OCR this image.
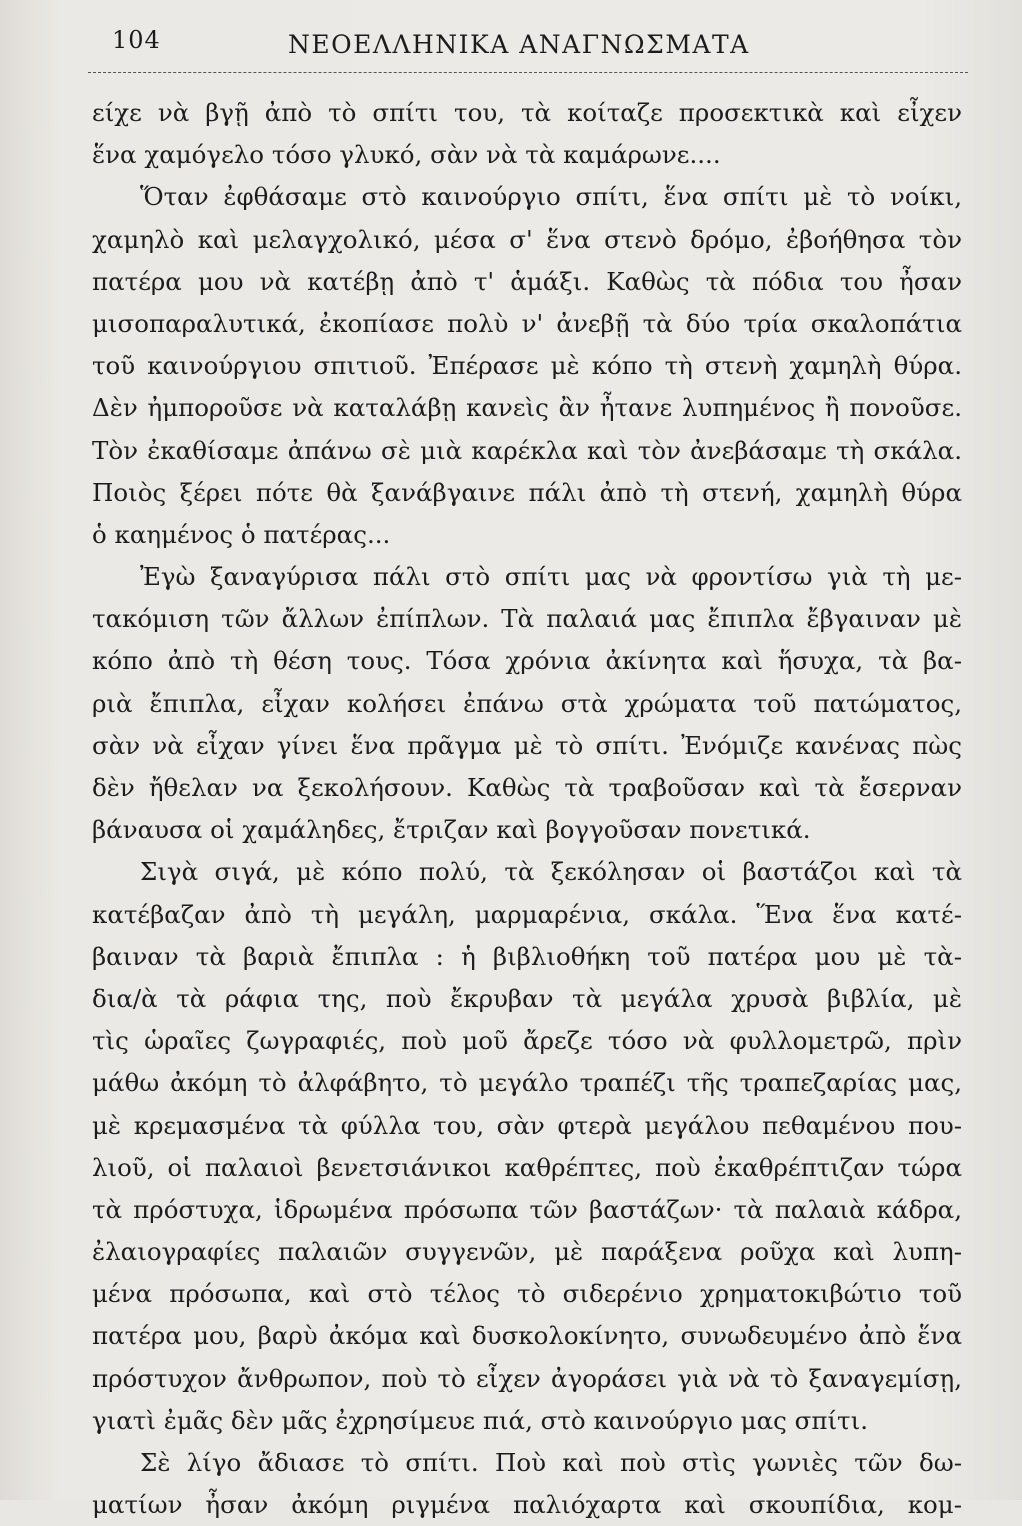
104	ΝΕΟΕΛΛΗΝΙΚΑ ΑΝΑΓΝΩΣΜΑΤΑ
είχε νὰ βγῇ ἀπὸ τὸ σπίτι του, τὰ κοίταζε προσεκτικὰ καὶ εἶχεν
ἕνα χαμόγελο τόσο γλυκό, σὰν νὰ τὰ καμάρωνε....
Ὅταν ἐφθάσαμε στὸ καινούργιο σπίτι, ἕνα σπίτι μὲ τὸ νοίκι,
χαμηλὸ καὶ μελαγχολικό, μέσα σ' ἕνα στενὸ δρόμο, ἐβοήθησα τὸν
πατέρα μου νὰ κατέβῃ ἀπὸ τ' ἁμάξι. Καθὼς τὰ πόδια του ἦσαν
μισοπαραλυτικά, ἐκοπίασε πολὺ ν' ἀνεβῇ τὰ δύο τρία σκαλοπάτια
τοῦ καινούργιου σπιτιοῦ. Ἐπέρασε μὲ κόπο τὴ στενὴ χαμηλὴ θύρα.
Δὲν ἠμποροῦσε νὰ καταλάβῃ κανεὶς ἂν ἦτανε λυπημένος ἢ πονοῦσε.
Τὸν ἐκαθίσαμε ἀπάνω σὲ μιὰ καρέκλα καὶ τὸν ἀνεβάσαμε τὴ σκάλα.
Ποιὸς ξέρει πότε θὰ ξανάβγαινε πάλι ἀπὸ τὴ στενή, χαμηλὴ θύρα
ὁ καημένος ὁ πατέρας...
Ἐγὼ ξαναγύρισα πάλι στὸ σπίτι μας νὰ φροντίσω γιὰ τὴ με-
τακόμιση τῶν ἄλλων ἐπίπλων. Τὰ παλαιά μας ἔπιπλα ἔβγαιναν μὲ
κόπο ἀπὸ τὴ θέση τους. Τόσα χρόνια ἀκίνητα καὶ ἥσυχα, τὰ βα-
ριὰ ἔπιπλα, εἶχαν κολήσει ἐπάνω στὰ χρώματα τοῦ πατώματος,
σὰν νὰ εἶχαν γίνει ἕνα πρᾶγμα μὲ τὸ σπίτι. Ἐνόμιζε κανένας πὼς
δὲν ἤθελαν να ξεκολήσουν. Καθὼς τὰ τραβοῦσαν καὶ τὰ ἔσερναν
βάναυσα οἱ χαμάληδες, ἔτριζαν καὶ βογγοῦσαν πονετικά.
Σιγὰ σιγά, μὲ κόπο πολύ, τὰ ξεκόλησαν οἱ βαστάζοι καὶ τὰ
κατέβαζαν ἀπὸ τὴ μεγάλη, μαρμαρένια, σκάλα. Ἕνα ἕνα κατέ-
βαιναν τὰ βαριὰ ἔπιπλα : ἡ βιβλιοθήκη τοῦ πατέρα μου μὲ τὰ-
δια/ὰ τὰ ράφια της, ποὺ ἔκρυβαν τὰ μεγάλα χρυσὰ βιβλία, μὲ
τὶς ὡραῖες ζωγραφιές, ποὺ μοῦ ἄρεζε τόσο νὰ φυλλομετρῶ, πρὶν
μάθω ἀκόμη τὸ ἀλφάβητο, τὸ μεγάλο τραπέζι τῆς τραπεζαρίας μας,
μὲ κρεμασμένα τὰ φύλλα του, σὰν φτερὰ μεγάλου πεθαμένου που-
λιοῦ, οἱ παλαιοὶ βενετσιάνικοι καθρέπτες, ποὺ ἐκαθρέπτιζαν τώρα
τὰ πρόστυχα, ἱδρωμένα πρόσωπα τῶν βαστάζων· τὰ παλαιὰ κάδρα,
ἐλαιογραφίες παλαιῶν συγγενῶν, μὲ παράξενα ροῦχα καὶ λυπη-
μένα πρόσωπα, καὶ στὸ τέλος τὸ σιδερένιο χρηματοκιβώτιο τοῦ
πατέρα μου, βαρὺ ἀκόμα καὶ δυσκολοκίνητο, συνωδευμένο ἀπὸ ἕνα
πρόστυχον ἄνθρωπον, ποὺ τὸ εἶχεν ἀγοράσει γιὰ νὰ τὸ ξαναγεμίσῃ,
γιατὶ ἐμᾶς δὲν μᾶς ἐχρησίμευε πιά, στὸ καινούργιο μας σπίτι.
Σὲ λίγο ἄδιασε τὸ σπίτι. Ποὺ καὶ ποὺ στὶς γωνιὲς τῶν δω-
ματίων ἦσαν ἀκόμη ριγμένα παλιόχαρτα καὶ σκουπίδια, κομ-
